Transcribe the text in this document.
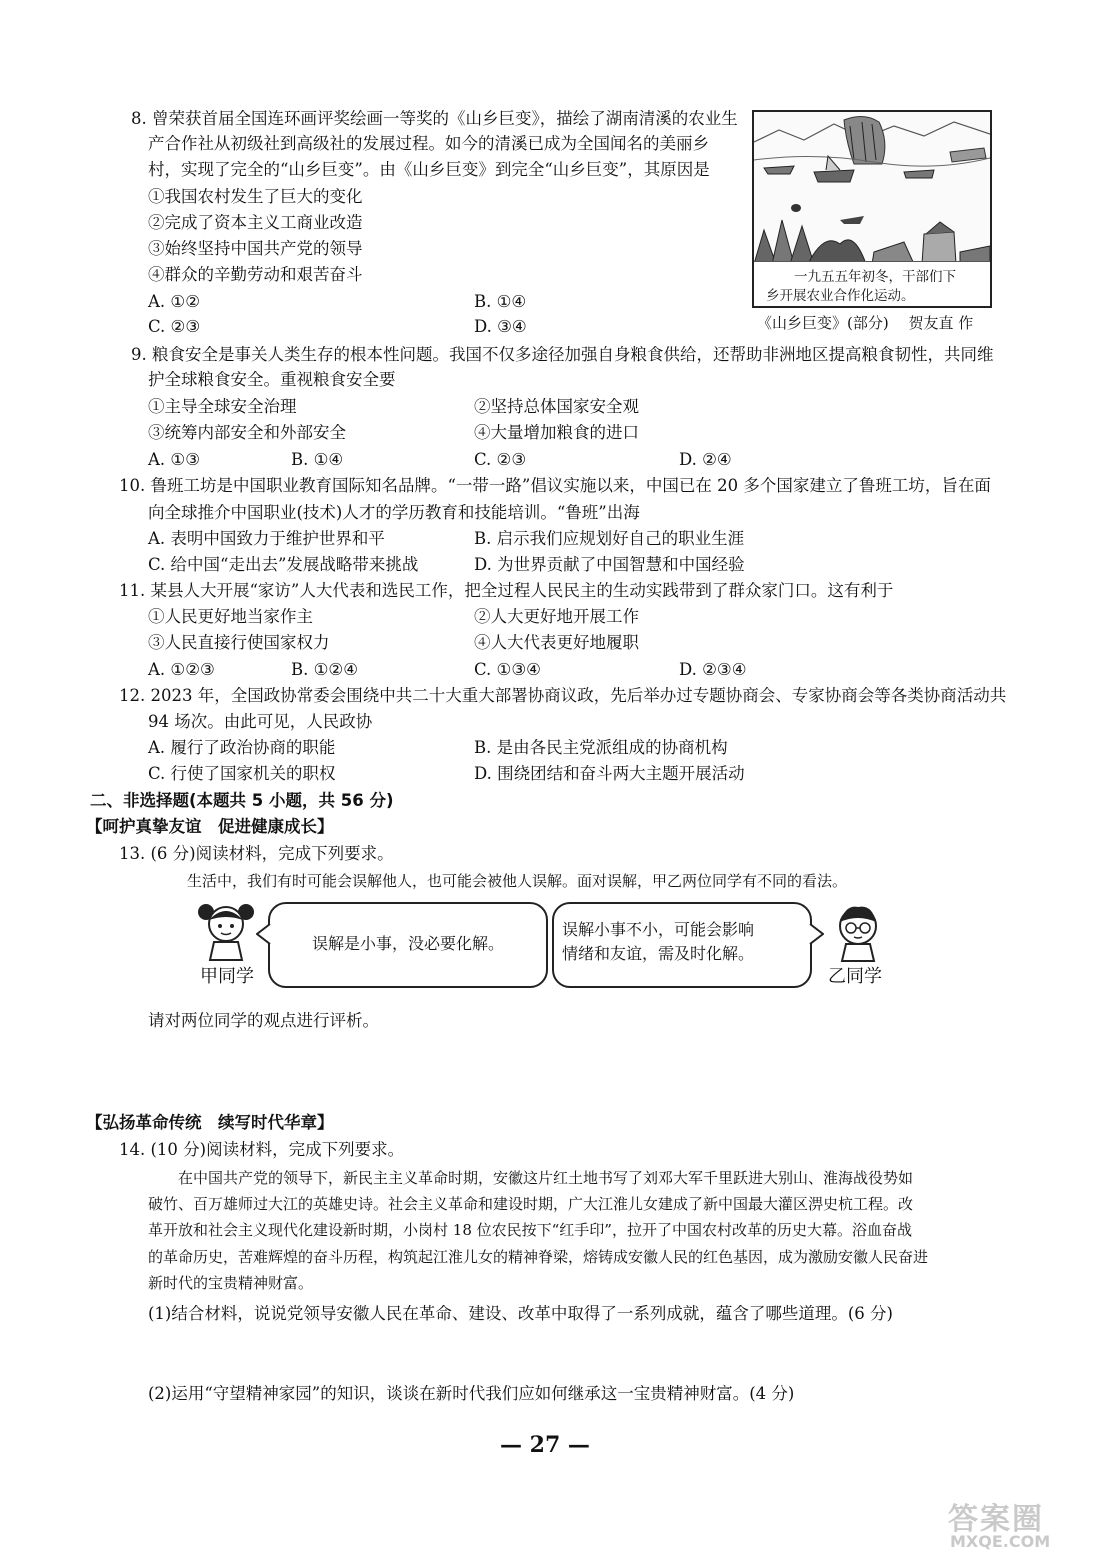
8. 曾荣获首届全国连环画评奖绘画一等奖的《山乡巨变》，描绘了湖南清溪的农业生
产合作社从初级社到高级社的发展过程。如今的清溪已成为全国闻名的美丽乡
村，实现了完全的“山乡巨变”。由《山乡巨变》到完全“山乡巨变”，其原因是
①我国农村发生了巨大的变化
②完成了资本主义工商业改造
③始终坚持中国共产党的领导
④群众的辛勤劳动和艰苦奋斗
A. ①②	B. ①④
C. ②③	D. ③④
一九五五年初冬，干部们下
乡开展农业合作化运动。
《山乡巨变》(部分)　 贺友直 作
9. 粮食安全是事关人类生存的根本性问题。我国不仅多途径加强自身粮食供给，还帮助非洲地区提高粮食韧性，共同维
护全球粮食安全。重视粮食安全要
①主导全球安全治理	②坚持总体国家安全观
③统筹内部安全和外部安全	④大量增加粮食的进口
A. ①③	B. ①④	C. ②③	D. ②④
10. 鲁班工坊是中国职业教育国际知名品牌。“一带一路”倡议实施以来，中国已在 20 多个国家建立了鲁班工坊，旨在面
向全球推介中国职业(技术)人才的学历教育和技能培训。“鲁班”出海
A. 表明中国致力于维护世界和平	B. 启示我们应规划好自己的职业生涯
C. 给中国“走出去”发展战略带来挑战	D. 为世界贡献了中国智慧和中国经验
11. 某县人大开展“家访”人大代表和选民工作，把全过程人民民主的生动实践带到了群众家门口。这有利于
①人民更好地当家作主	②人大更好地开展工作
③人民直接行使国家权力	④人大代表更好地履职
A. ①②③	B. ①②④	C. ①③④	D. ②③④
12. 2023 年，全国政协常委会围绕中共二十大重大部署协商议政，先后举办过专题协商会、专家协商会等各类协商活动共
94 场次。由此可见，人民政协
A. 履行了政治协商的职能	B. 是由各民主党派组成的协商机构
C. 行使了国家机关的职权	D. 围绕团结和奋斗两大主题开展活动
二、非选择题(本题共 5 小题，共 56 分)
【呵护真挚友谊　促进健康成长】
13. (6 分)阅读材料，完成下列要求。
生活中，我们有时可能会误解他人，也可能会被他人误解。面对误解，甲乙两位同学有不同的看法。
甲同学
误解是小事，没必要化解。
误解小事不小，可能会影响
情绪和友谊，需及时化解。
乙同学
请对两位同学的观点进行评析。
【弘扬革命传统　续写时代华章】
14. (10 分)阅读材料，完成下列要求。
　　在中国共产党的领导下，新民主主义革命时期，安徽这片红土地书写了刘邓大军千里跃进大别山、淮海战役势如
破竹、百万雄师过大江的英雄史诗。社会主义革命和建设时期，广大江淮儿女建成了新中国最大灌区淠史杭工程。改
革开放和社会主义现代化建设新时期，小岗村 18 位农民按下“红手印”，拉开了中国农村改革的历史大幕。浴血奋战
的革命历史，苦难辉煌的奋斗历程，构筑起江淮儿女的精神脊梁，熔铸成安徽人民的红色基因，成为激励安徽人民奋进
新时代的宝贵精神财富。
(1)结合材料，说说党领导安徽人民在革命、建设、改革中取得了一系列成就，蕴含了哪些道理。(6 分)
(2)运用“守望精神家园”的知识，谈谈在新时代我们应如何继承这一宝贵精神财富。(4 分)
— 27 —
答案圈
MXQE.COM
